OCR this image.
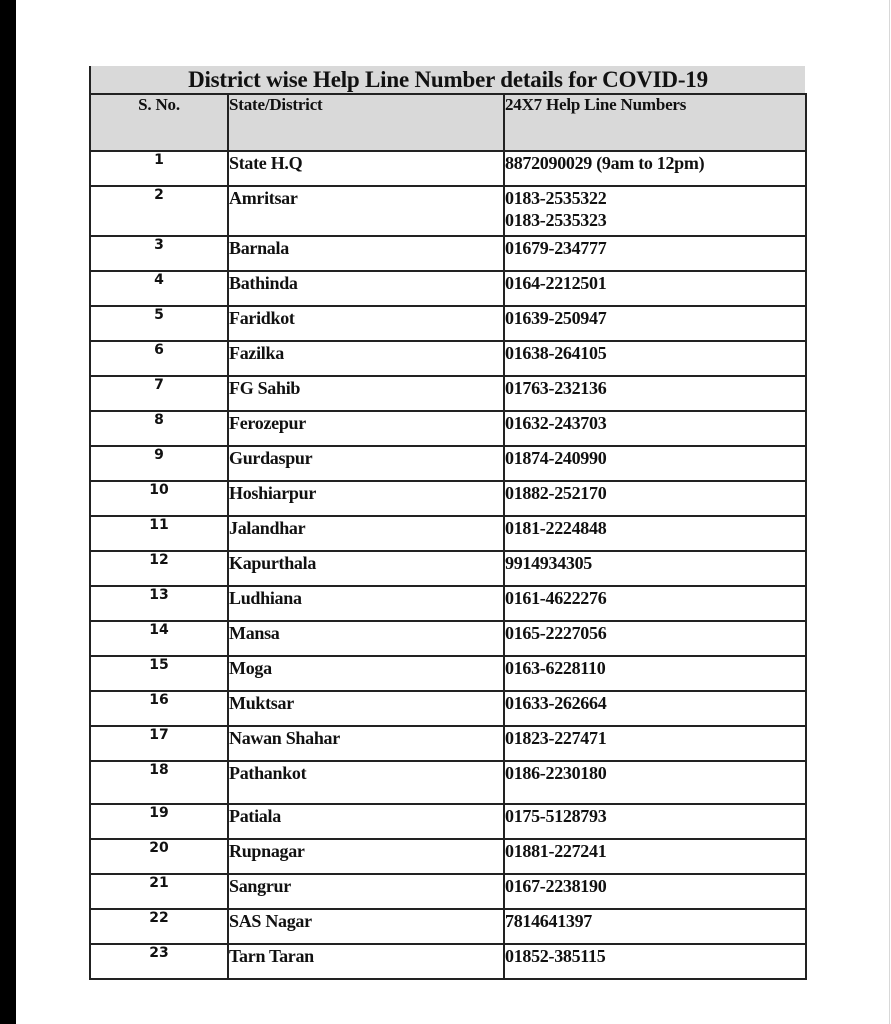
District wise Help Line Number details for COVID-19
S. No.	State/District	24X7 Help Line Numbers
1	State H.Q	8872090029 (9am to 12pm)

2	Amritsar	0183-2535322
0183-2535323

3	Barnala	01679-234777

4	Bathinda	0164-2212501

5	Faridkot	01639-250947

6	Fazilka	01638-264105

7	FG Sahib	01763-232136

8	Ferozepur	01632-243703

9	Gurdaspur	01874-240990

10	Hoshiarpur	01882-252170

11	Jalandhar	0181-2224848

12	Kapurthala	9914934305

13	Ludhiana	0161-4622276

14	Mansa	0165-2227056

15	Moga	0163-6228110

16	Muktsar	01633-262664

17	Nawan Shahar	01823-227471

18	Pathankot	0186-2230180

19	Patiala	0175-5128793

20	Rupnagar	01881-227241

21	Sangrur	0167-2238190

22	SAS Nagar	7814641397

23	Tarn Taran	01852-385115
